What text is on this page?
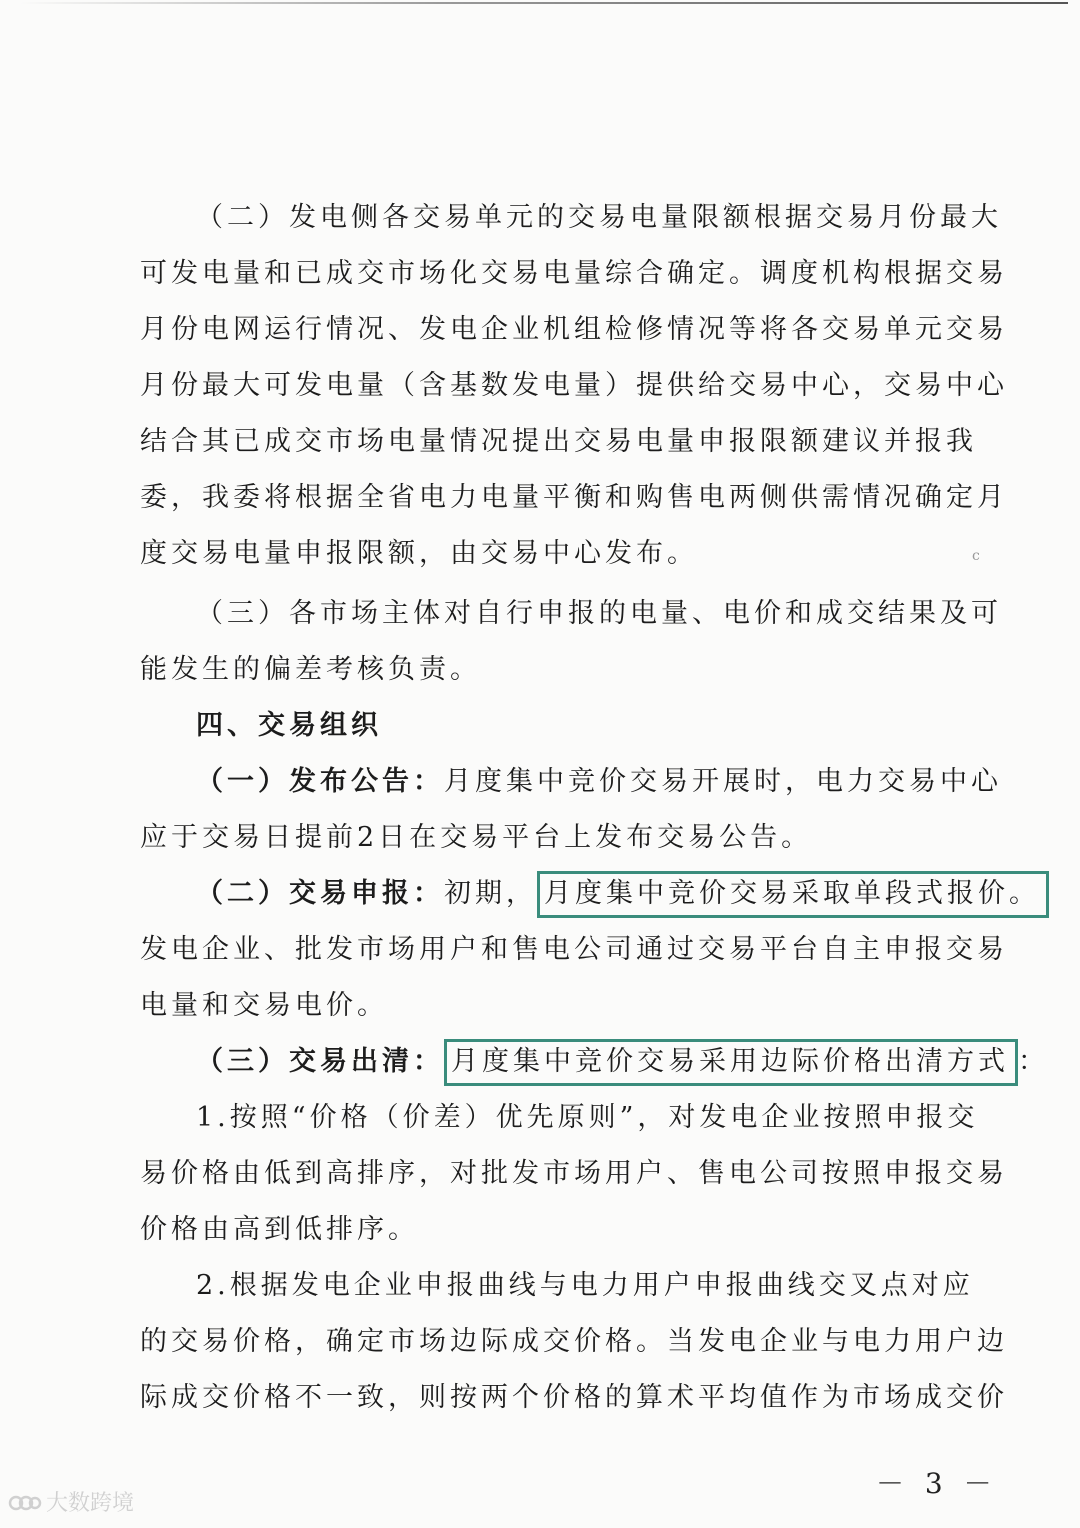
（二）发电侧各交易单元的交易电量限额根据交易月份最大
可发电量和已成交市场化交易电量综合确定。调度机构根据交易
月份电网运行情况、发电企业机组检修情况等将各交易单元交易
月份最大可发电量（含基数发电量）提供给交易中心，交易中心
结合其已成交市场电量情况提出交易电量申报限额建议并报我
委，我委将根据全省电力电量平衡和购售电两侧供需情况确定月
度交易电量申报限额，由交易中心发布。
（三）各市场主体对自行申报的电量、电价和成交结果及可
能发生的偏差考核负责。
四、交易组织
（一）发布公告：月度集中竞价交易开展时，电力交易中心
应于交易日提前2日在交易平台上发布交易公告。
（二）交易申报：初期， 月度集中竞价交易采取单段式报价。
发电企业、批发市场用户和售电公司通过交易平台自主申报交易
电量和交易电价。
（三）交易出清： 月度集中竞价交易采用边际价格出清方式 ：
1.按照“价格（价差）优先原则”，对发电企业按照申报交
易价格由低到高排序，对批发市场用户、售电公司按照申报交易
价格由高到低排序。
2.根据发电企业申报曲线与电力用户申报曲线交叉点对应
的交易价格，确定市场边际成交价格。当发电企业与电力用户边
际成交价格不一致，则按两个价格的算术平均值作为市场成交价
c
－ 3 －
大数跨境
